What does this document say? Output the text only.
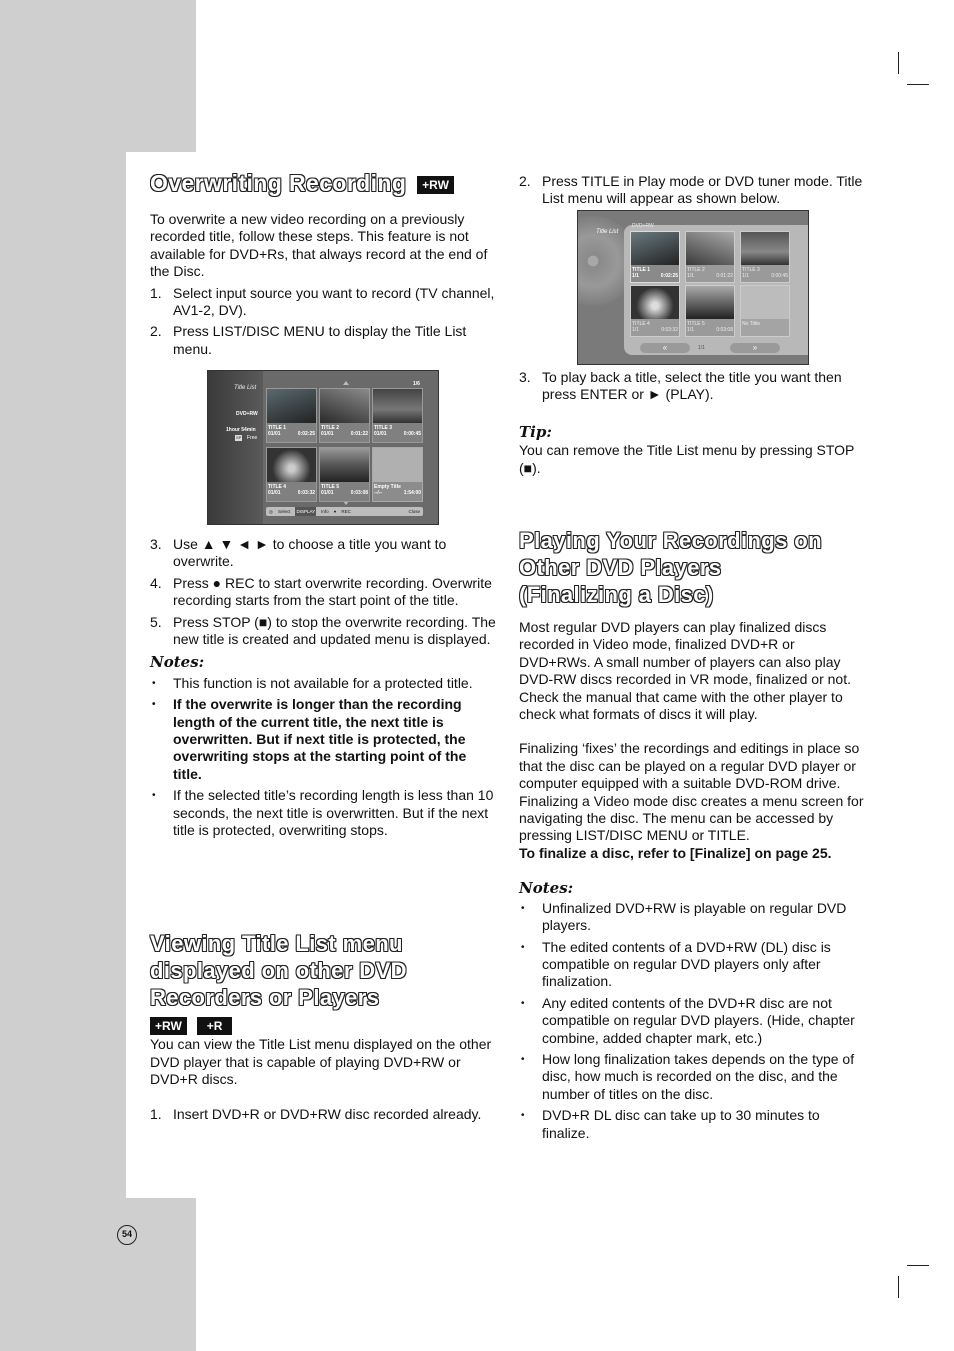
Overwriting Recording +RW

To overwrite a new video recording on a previously recorded title, follow these steps. This feature is not available for DVD+Rs, that always record at the end of the Disc.

1. Select input source you want to record (TV channel, AV1-2, DV).
2. Press LIST/DISC MENU to display the Title List menu.
Title List
DVD+RW
1hour 54min
SP Free
1/6
TITLE 1
01/01	0:02:25
TITLE 2
01/01	0:01:22
TITLE 3
01/01	0:00:45
TITLE 4
01/01	0:03:32
TITLE 5
01/01	0:03:08
Empty Title
--/--	1:54:00
◎ Select DISPLAY Info ● REC	Close
3. Use ▲ ▼ ◄ ► to choose a title you want to overwrite.
4. Press ● REC to start overwrite recording. Overwrite recording starts from the start point of the title.
5. Press STOP (■) to stop the overwrite recording. The new title is created and updated menu is displayed.
Notes:
• This function is not available for a protected title.
• If the overwrite is longer than the recording length of the current title, the next title is overwritten. But if next title is protected, the overwriting stops at the starting point of the title.
• If the selected title’s recording length is less than 10 seconds, the next title is overwritten. But if the next title is protected, overwriting stops.
Viewing Title List menu
displayed on other DVD
Recorders or Players
+RW +R

You can view the Title List menu displayed on the other DVD player that is capable of playing DVD+RW or DVD+R discs.

1. Insert DVD+R or DVD+RW disc recorded already.
2. Press TITLE in Play mode or DVD tuner mode. Title List menu will appear as shown below.
Title List
DVD+RW
TITLE 1
1/1	0:02:25
TITLE 2
1/1	0:01:22
TITLE 3
1/1	0:00:45
TITLE 4
1/1	0:03:32
TITLE 5
1/1	0:03:08
No Titile
«	1/1	»
3. To play back a title, select the title you want then press ENTER or ► (PLAY).
Tip:

You can remove the Title List menu by pressing STOP (■).

Playing Your Recordings on
Other DVD Players
(Finalizing a Disc)

Most regular DVD players can play finalized discs recorded in Video mode, finalized DVD+R or DVD+RWs. A small number of players can also play DVD-RW discs recorded in VR mode, finalized or not. Check the manual that came with the other player to check what formats of discs it will play.

Finalizing ‘fixes’ the recordings and editings in place so that the disc can be played on a regular DVD player or computer equipped with a suitable DVD-ROM drive.

Finalizing a Video mode disc creates a menu screen for navigating the disc. The menu can be accessed by pressing LIST/DISC MENU or TITLE.

To finalize a disc, refer to [Finalize] on page 25.

Notes:
• Unfinalized DVD+RW is playable on regular DVD players.
• The edited contents of a DVD+RW (DL) disc is compatible on regular DVD players only after finalization.
• Any edited contents of the DVD+R disc are not compatible on regular DVD players. (Hide, chapter combine, added chapter mark, etc.)
• How long finalization takes depends on the type of disc, how much is recorded on the disc, and the number of titles on the disc.
• DVD+R DL disc can take up to 30 minutes to finalize.
54
